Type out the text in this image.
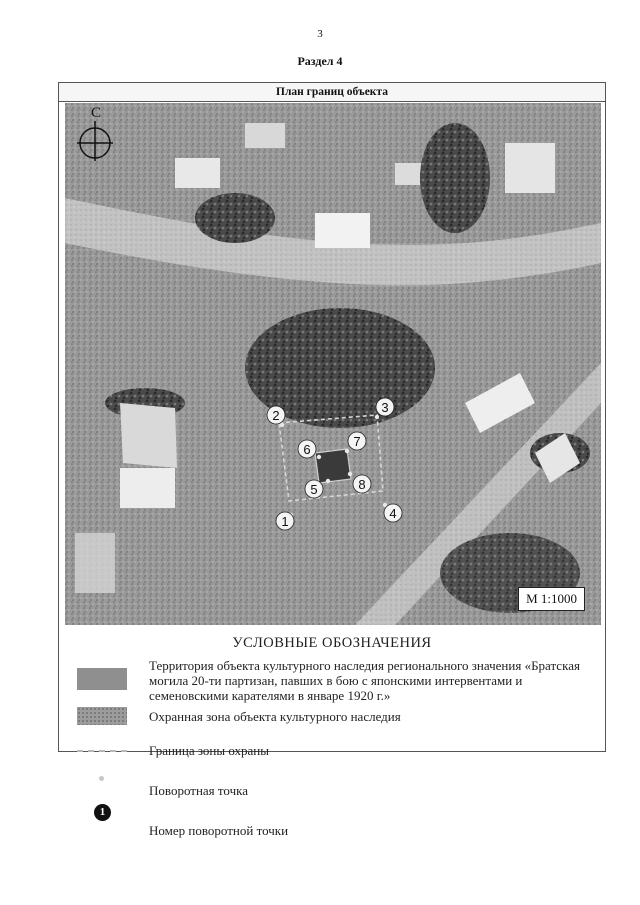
3
Раздел 4
План границ объекта
С
1
2
3
4
5
6
7
8
М 1:1000
УСЛОВНЫЕ ОБОЗНАЧЕНИЯ
Территория объекта культурного наследия регионального значения «Братская могила 20-ти партизан, павших в бою с японскими интервентами и семеновскими карателями в январе 1920 г.»
Охранная зона объекта культурного наследия
Граница зоны охраны
Поворотная точка
1
Номер поворотной точки
